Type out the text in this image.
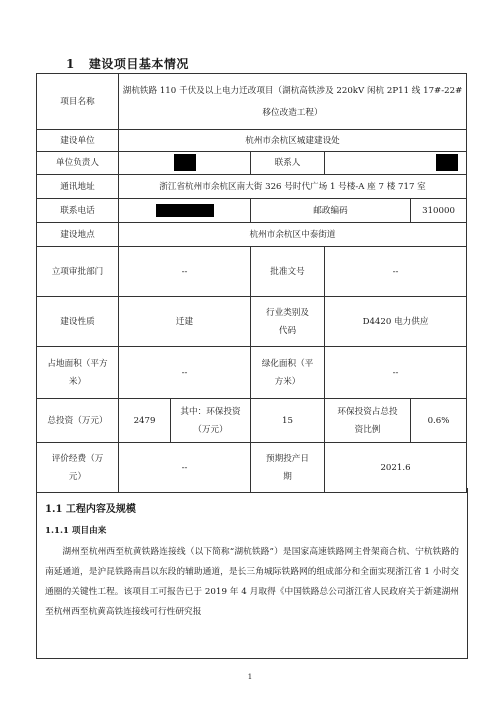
1 建设项目基本情况
项目名称	湖杭铁路 110 千伏及以上电力迁改项目（湖杭高铁涉及 220kV 闲杭 2P11 线 17#-22#移位改造工程）				
建设单位	杭州市余杭区城建建设处				
单位负责人			联系人		
通讯地址	浙江省杭州市余杭区南大街 326 号时代广场 1 号楼-A 座 7 楼 717 室				
联系电话			邮政编码		310000
建设地点	杭州市余杭区中泰街道				
立项审批部门	--		批准文号	--	
建设性质	迁建		行业类别及代码	D4420 电力供应	
占地面积（平方米）	--		绿化面积（平方米）	--	
总投资（万元）	2479	其中：环保投资（万元）	15	环保投资占总投资比例	0.6%
评价经费（万元）	--		预期投产日期	2021.6	
1.1 工程内容及规模
1.1.1 项目由来
湖州至杭州西至杭黄铁路连接线（以下简称“湖杭铁路”）是国家高速铁路网主骨架商合杭、宁杭铁路的南延通道，是沪昆铁路南昌以东段的辅助通道，是长三角城际铁路网的组成部分和全面实现浙江省 1 小时交通圈的关键性工程。该项目工可报告已于 2019 年 4 月取得《中国铁路总公司浙江省人民政府关于新建湖州至杭州西至杭黄高铁连接线可行性研究报
1
